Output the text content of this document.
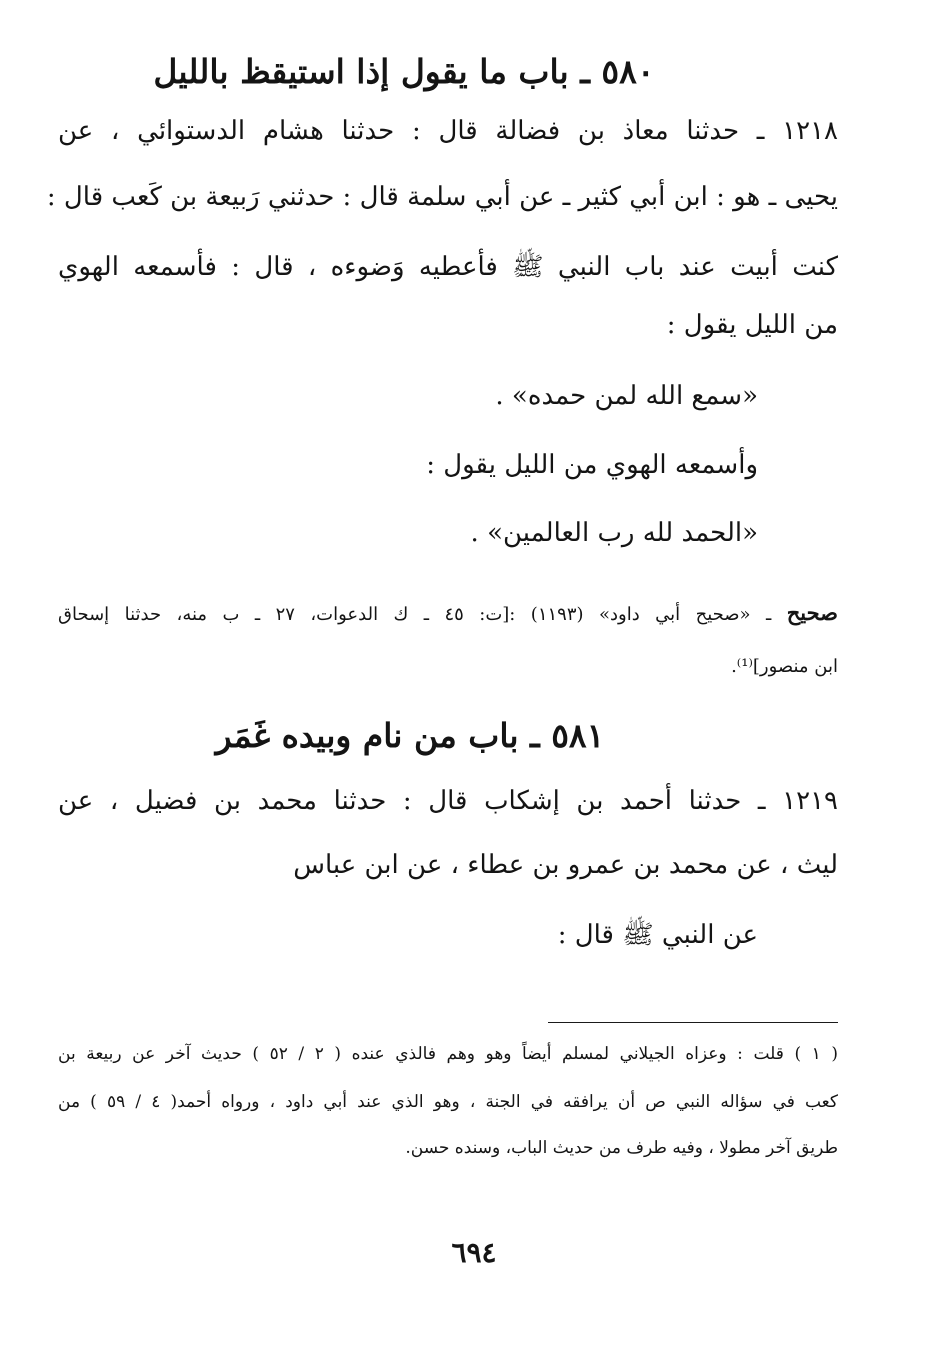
٥٨٠ ـ باب ما يقول إذا استيقظ بالليل
١٢١٨ ـ حدثنا معاذ بن فضالة قال : حدثنا هشام الدستوائي ، عن
يحيى ـ هو : ابن أبي كثير ـ عن أبي سلمة قال : حدثني رَبيعة بن كَعب قال :
كنت أبيت عند باب النبي ﷺ فأعطيه وَضوءه ، قال : فأسمعه الهوي
من الليل يقول :
«سمع الله لمن حمده» .
وأسمعه الهوي من الليل يقول :
«الحمد لله رب العالمين» .
صحيح ـ «صحيح أبي داود» (١١٩٣) :[ت: ٤٥ ـ ك الدعوات، ٢٧ ـ ب منه، حدثنا إسحاق
ابن منصور]⁽¹⁾.
٥٨١ ـ باب من نام وبيده غَمَر
١٢١٩ ـ حدثنا أحمد بن إشكاب قال : حدثنا محمد بن فضيل ، عن
ليث ، عن محمد بن عمرو بن عطاء ، عن ابن عباس
عن النبي ﷺ قال :
( ١ ) قلت : وعزاه الجيلاني لمسلم أيضاً وهو وهم فالذي عنده ( ٢ / ٥٢ ) حديث آخر عن ربيعة بن
كعب في سؤاله النبي ص أن يرافقه في الجنة ، وهو الذي عند أبي داود ، ورواه أحمد( ٤ / ٥٩ ) من
طريق آخر مطولا ، وفيه طرف من حديث الباب، وسنده حسن.
٦٩٤
